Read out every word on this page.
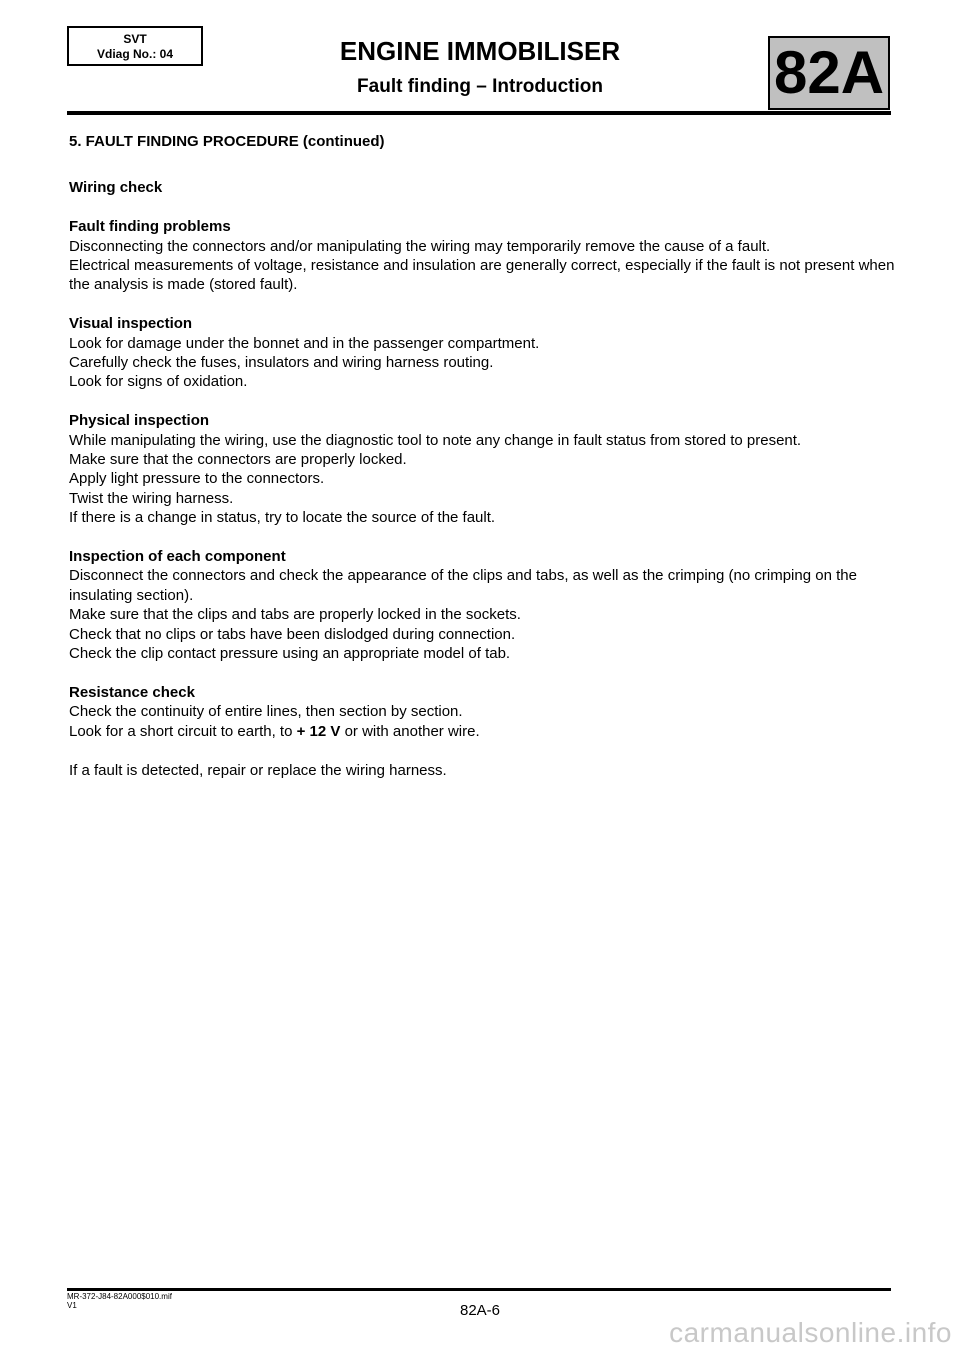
SVT
Vdiag No.: 04	ENGINE IMMOBILISER
Fault finding – Introduction	82A

5. FAULT FINDING PROCEDURE (continued)

Wiring check

Fault finding problems

Disconnecting the connectors and/or manipulating the wiring may temporarily remove the cause of a fault.

Electrical measurements of voltage, resistance and insulation are generally correct, especially if the fault is not present when the analysis is made (stored fault).

Visual inspection

Look for damage under the bonnet and in the passenger compartment.

Carefully check the fuses, insulators and wiring harness routing.

Look for signs of oxidation.

Physical inspection

While manipulating the wiring, use the diagnostic tool to note any change in fault status from stored to present.

Make sure that the connectors are properly locked.

Apply light pressure to the connectors.

Twist the wiring harness.

If there is a change in status, try to locate the source of the fault.

Inspection of each component

Disconnect the connectors and check the appearance of the clips and tabs, as well as the crimping (no crimping on the insulating section).

Make sure that the clips and tabs are properly locked in the sockets.

Check that no clips or tabs have been dislodged during connection.

Check the clip contact pressure using an appropriate model of tab.

Resistance check

Check the continuity of entire lines, then section by section.

Look for a short circuit to earth, to + 12 V or with another wire.

If a fault is detected, repair or replace the wiring harness.

MR-372-J84-82A000$010.mif
V1	82A-6
carmanualsonline.info
